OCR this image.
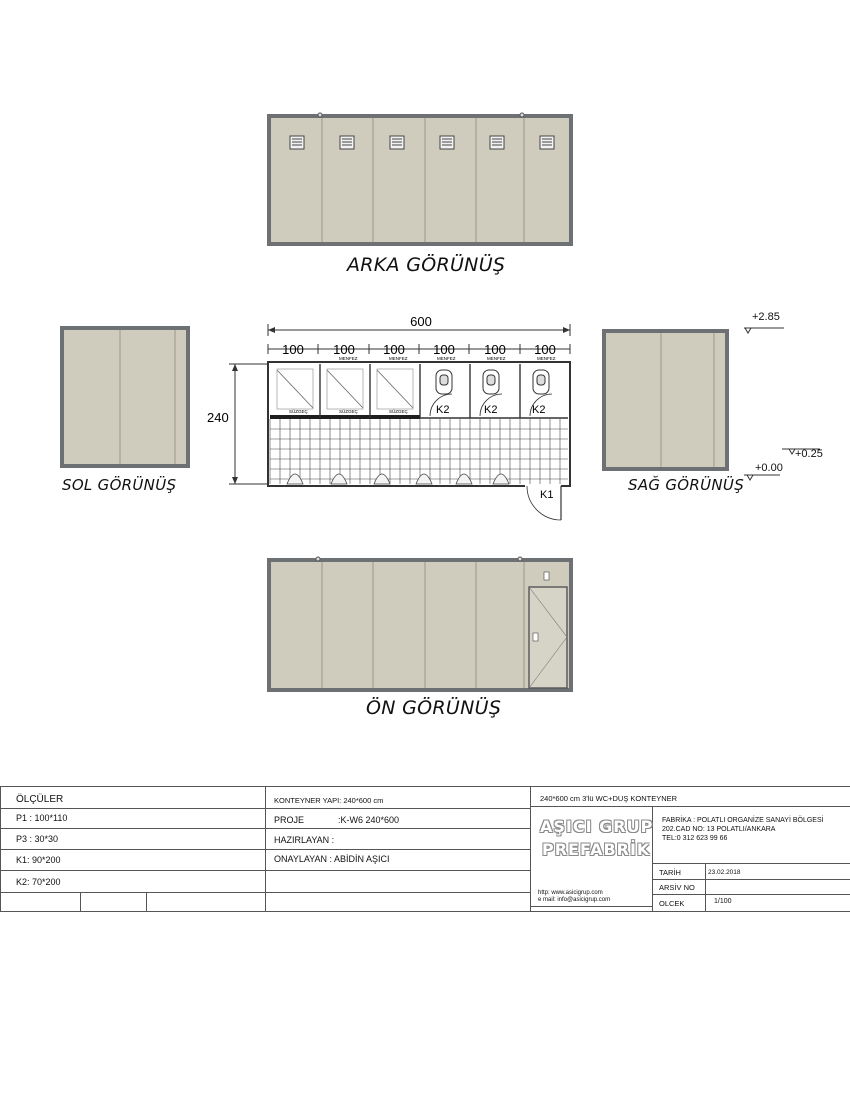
ARKA GÖRÜNÜŞ
SOL GÖRÜNÜŞ	SAĞ GÖRÜNÜŞ
+2.85
+0.25
+0.00
600
100 100 100 100 100 100
240
MENFEZ	MENFEZ	MENFEZ	MENFEZ	MENFEZ
SÜZGEÇ	SÜZGEÇ	SÜZGEÇ	K2	K2	K2
K1
ÖN GÖRÜNÜŞ
ÖLÇÜLER
P1 : 100*110
P3 : 30*30
K1: 90*200
K2: 70*200
KONTEYNER YAPI: 240*600 cm
PROJE	:K-W6 240*600
HAZIRLAYAN :
ONAYLAYAN : ABİDİN AŞICI
240*600 cm 3'lü WC+DUŞ KONTEYNER
AŞICI GRUP
PREFABRİK
FABRİKA : POLATLI ORGANİZE SANAYİ BÖLGESİ
202.CAD NO: 13 POLATLI/ANKARA
TEL:0 312 623 99 66
http: www.asicigrup.com
e mail: info@asicigrup.com
TARİH	23.02.2018
ARSİV NO
OLCEK	1/100
